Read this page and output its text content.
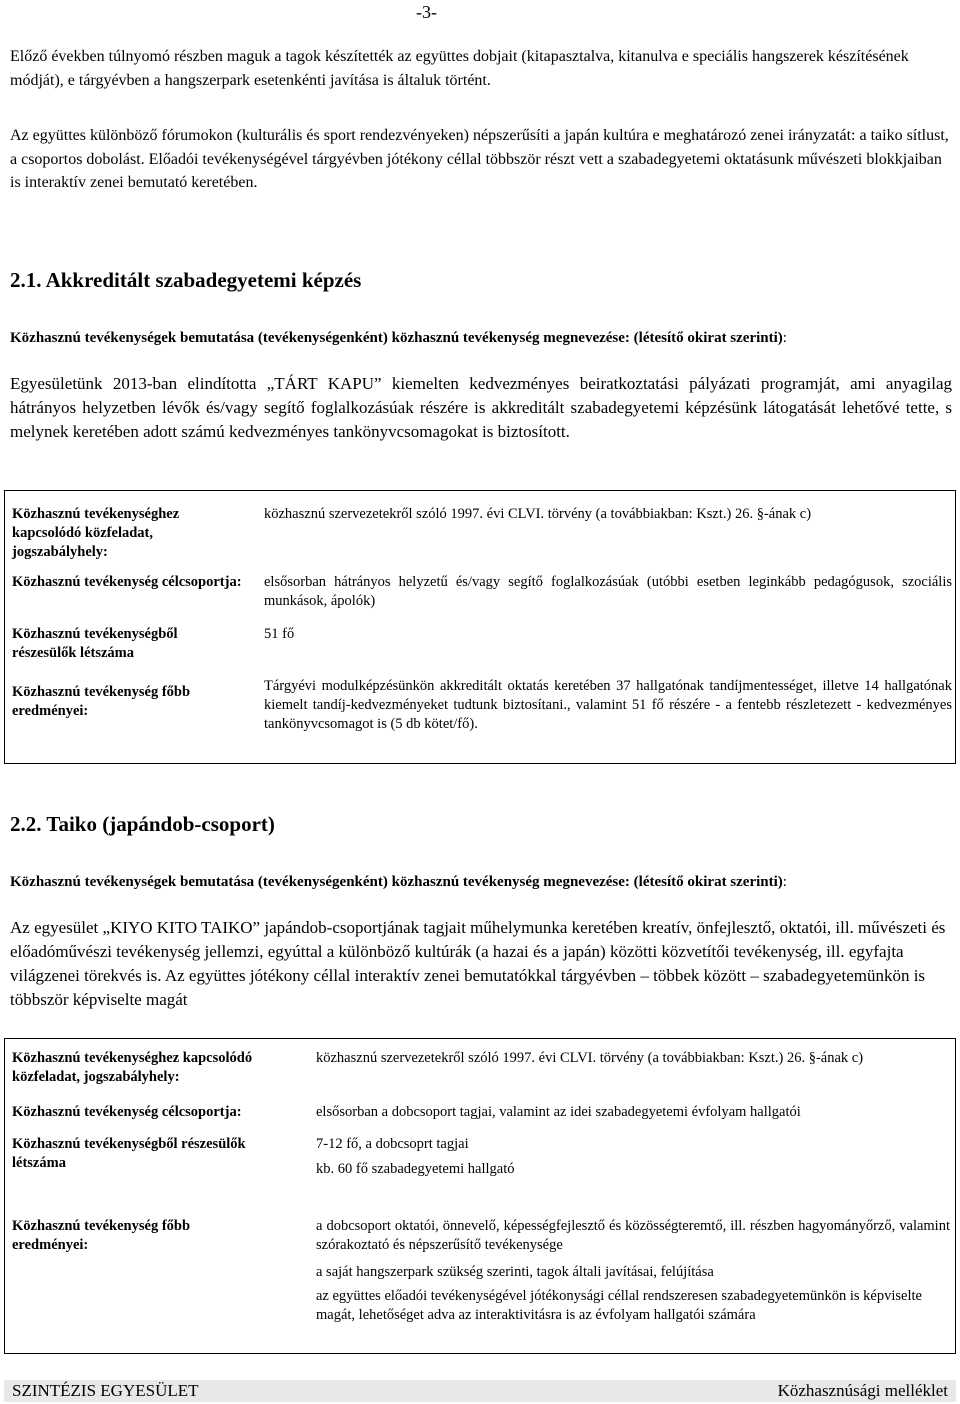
-3-
Előző években túlnyomó részben maguk a tagok készítették az együttes dobjait (kitapasztalva, kitanulva e speciális hangszerek készítésének módját), e tárgyévben a hangszerpark esetenkénti javítása is általuk történt.
Az együttes különböző fórumokon (kulturális és sport rendezvényeken) népszerűsíti a japán kultúra e meghatározó zenei irányzatát: a taiko sítlust, a csoportos dobolást. Előadói tevékenységével tárgyévben jótékony céllal többször részt vett a szabadegyetemi oktatásunk művészeti blokkjaiban is interaktív zenei bemutató keretében.
2.1. Akkreditált szabadegyetemi képzés
Közhasznú tevékenységek bemutatása (tevékenységenként) közhasznú tevékenység megnevezése: (létesítő okirat szerinti):
Egyesületünk 2013-ban elindította „TÁRT KAPU” kiemelten kedvezményes beiratkoztatási pályázati programját, ami anyagilag hátrányos helyzetben lévők és/vagy segítő foglalkozásúak részére is akkreditált szabadegyetemi képzésünk látogatását lehetővé tette, s melynek keretében adott számú kedvezményes tankönyvcsomagokat is biztosított.
Közhasznú tevékenységhez kapcsolódó közfeladat, jogszabályhely:
közhasznú szervezetekről szóló 1997. évi CLVI. törvény (a továbbiakban: Kszt.) 26. §-ának c)
Közhasznú tevékenység célcsoportja: elsősorban hátrányos helyzetű és/vagy segítő foglalkozásúak (utóbbi esetben leginkább pedagógusok, szociális munkások, ápolók)
Közhasznú tevékenységből részesülők létszáma
51 fő
Közhasznú tevékenység főbb eredményei:
Tárgyévi modulképzésünkön akkreditált oktatás keretében 37 hallgatónak tandíjmentességet, illetve 14 hallgatónak kiemelt tandíj-kedvezményeket tudtunk biztosítani., valamint 51 fő részére - a fentebb részletezett - kedvezményes tankönyvcsomagot is (5 db kötet/fő).
2.2. Taiko (japándob-csoport)
Közhasznú tevékenységek bemutatása (tevékenységenként) közhasznú tevékenység megnevezése: (létesítő okirat szerinti):
Az egyesület „KIYO KITO TAIKO” japándob-csoportjának tagjait műhelymunka keretében kreatív, önfejlesztő, oktatói, ill. művészeti és előadóművészi tevékenység jellemzi, egyúttal a különböző kultúrák (a hazai és a japán) közötti közvetítői tevékenység, ill. egyfajta világzenei törekvés is. Az együttes jótékony céllal interaktív zenei bemutatókkal tárgyévben – többek között – szabadegyetemünkön is többször képviselte magát
Közhasznú tevékenységhez kapcsolódó közfeladat, jogszabályhely:
közhasznú szervezetekről szóló 1997. évi CLVI. törvény (a továbbiakban: Kszt.) 26. §-ának c)
Közhasznú tevékenység célcsoportja:	elsősorban a dobcsoport tagjai, valamint az idei szabadegyetemi évfolyam hallgatói
Közhasznú tevékenységből részesülők létszáma
7-12 fő, a dobcsoprt tagjai
kb. 60 fő szabadegyetemi hallgató
Közhasznú tevékenység főbb eredményei:
a dobcsoport oktatói, önnevelő, képességfejlesztő és közösségteremtő, ill. részben hagyományőrző, valamint szórakoztató és népszerűsítő tevékenysége
a saját hangszerpark szükség szerinti, tagok általi javításai, felújítása
az együttes előadói tevékenységével jótékonysági céllal rendszeresen szabadegyetemünkön is képviselte magát, lehetőséget adva az interaktivitásra is az évfolyam hallgatói számára
SZINTÉZIS EGYESÜLET	Közhasznúsági melléklet
